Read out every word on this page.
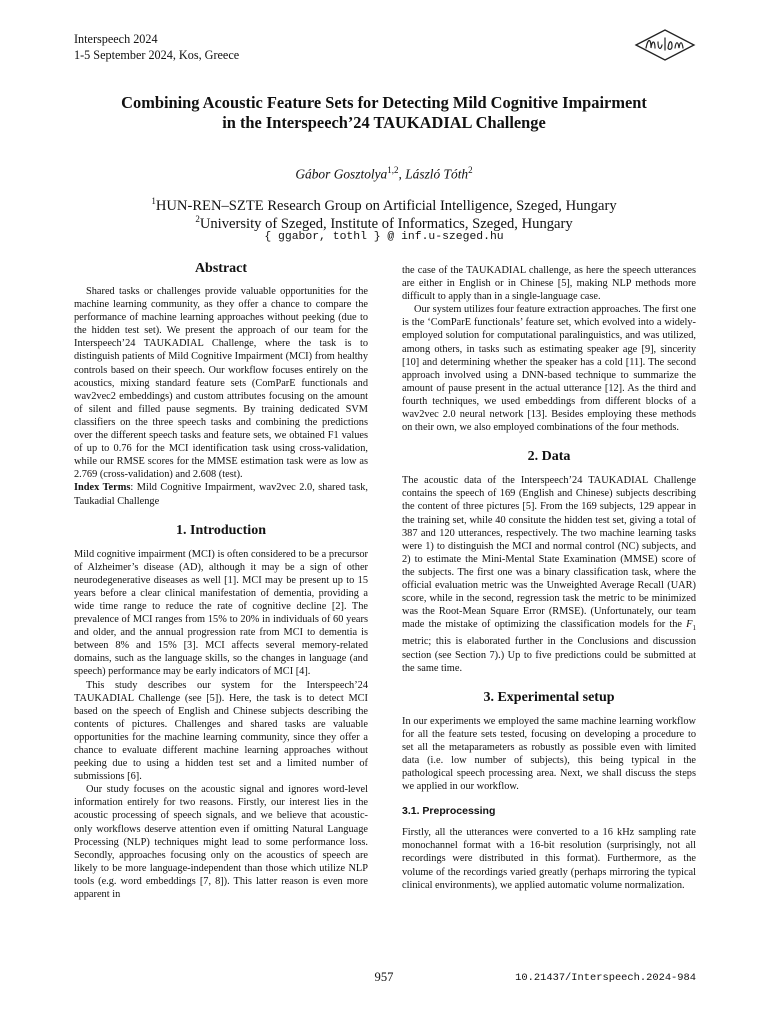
Interspeech 2024
1-5 September 2024, Kos, Greece
Combining Acoustic Feature Sets for Detecting Mild Cognitive Impairment
in the Interspeech’24 TAUKADIAL Challenge
Gábor Gosztolya$^{1,2}$, László Tóth$^2$
$^1$HUN-REN–SZTE Research Group on Artificial Intelligence, Szeged, Hungary
$^2$University of Szeged, Institute of Informatics, Szeged, Hungary
{ ggabor, tothl } @ inf.u-szeged.hu
Abstract

Shared tasks or challenges provide valuable opportunities for the machine learning community, as they offer a chance to compare the performance of machine learning approaches without peeking (due to the hidden test set). We present the approach of our team for the Interspeech’24 TAUKADIAL Challenge, where the task is to distinguish patients of Mild Cognitive Impairment (MCI) from healthy controls based on their speech. Our workflow focuses entirely on the acoustics, mixing standard feature sets (ComParE functionals and wav2vec2 embeddings) and custom attributes focusing on the amount of silent and filled pause segments. By training dedicated SVM classifiers on the three speech tasks and combining the predictions over the different speech tasks and feature sets, we obtained F1 values of up to 0.76 for the MCI identification task using cross-validation, while our RMSE scores for the MMSE estimation task were as low as 2.769 (cross-validation) and 2.608 (test).

Index Terms: Mild Cognitive Impairment, wav2vec 2.0, shared task, Taukadial Challenge

1. Introduction

Mild cognitive impairment (MCI) is often considered to be a precursor of Alzheimer’s disease (AD), although it may be a sign of other neurodegenerative diseases as well [1]. MCI may be present up to 15 years before a clear clinical manifestation of dementia, providing a wide time range to reduce the rate of cognitive decline [2]. The prevalence of MCI ranges from 15% to 20% in individuals of 60 years and older, and the annual progression rate from MCI to dementia is between 8% and 15% [3]. MCI affects several memory-related domains, such as the language skills, so the changes in language (and speech) performance may be early indicators of MCI [4].

This study describes our system for the Interspeech’24 TAUKADIAL Challenge (see [5]). Here, the task is to detect MCI based on the speech of English and Chinese subjects describing the contents of pictures. Challenges and shared tasks are valuable opportunities for the machine learning community, since they offer a chance to evaluate different machine learning approaches without peeking due to using a hidden test set and a limited number of submissions [6].

Our study focuses on the acoustic signal and ignores word-level information entirely for two reasons. Firstly, our interest lies in the acoustic processing of speech signals, and we believe that acoustic-only workflows deserve attention even if omitting Natural Language Processing (NLP) techniques might lead to some performance loss. Secondly, approaches focusing only on the acoustics of speech are likely to be more language-independent than those which utilize NLP tools (e.g. word embeddings [7, 8]). This latter reason is even more apparent in

the case of the TAUKADIAL challenge, as here the speech utterances are either in English or in Chinese [5], making NLP methods more difficult to apply than in a single-language case.

Our system utilizes four feature extraction approaches. The first one is the ‘ComParE functionals’ feature set, which evolved into a widely-employed solution for computational paralinguistics, and was utilized, among others, in tasks such as estimating speaker age [9], sincerity [10] and determining whether the speaker has a cold [11]. The second approach involved using a DNN-based technique to summarize the amount of pause present in the actual utterance [12]. As the third and fourth techniques, we used embeddings from different blocks of a wav2vec 2.0 neural network [13]. Besides employing these methods on their own, we also employed combinations of the four methods.

2. Data

The acoustic data of the Interspeech’24 TAUKADIAL Challenge contains the speech of 169 (English and Chinese) subjects describing the content of three pictures [5]. From the 169 subjects, 129 appear in the training set, while 40 consitute the hidden test set, giving a total of 387 and 120 utterances, respectively. The two machine learning tasks were 1) to distinguish the MCI and normal control (NC) subjects, and 2) to estimate the Mini-Mental State Examination (MMSE) score of the subjects. The first one was a binary classification task, where the official evaluation metric was the Unweighted Average Recall (UAR) score, while in the second, regression task the metric to be minimized was the Root-Mean Square Error (RMSE). (Unfortunately, our team made the mistake of optimizing the classification models for the $F_1$ metric; this is elaborated further in the Conclusions and discussion section (see Section 7).) Up to five predictions could be submitted at the same time.

3. Experimental setup

In our experiments we employed the same machine learning workflow for all the feature sets tested, focusing on developing a procedure to set all the metaparameters as robustly as possible even with limited data (i.e. low number of subjects), this being typical in the pathological speech processing area. Next, we shall discuss the steps we applied in our workflow.

3.1. Preprocessing

Firstly, all the utterances were converted to a 16 kHz sampling rate monochannel format with a 16-bit resolution (surprisingly, not all recordings were distributed in this format). Furthermore, as the volume of the recordings varied greatly (perhaps mirroring the typical clinical environments), we applied automatic volume normalization.

957	10.21437/Interspeech.2024-984
